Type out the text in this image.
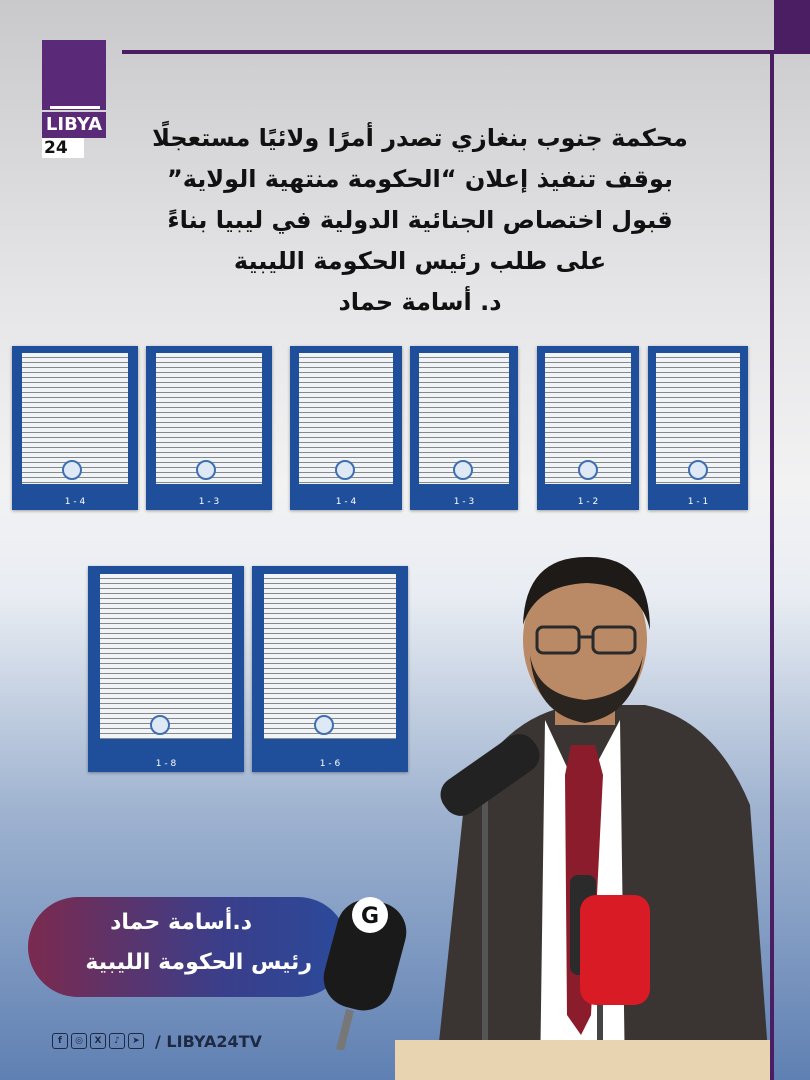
LIBYA
24	محكمة جنوب بنغازي تصدر أمرًا ولائيًا مستعجلًا
بوقف تنفيذ إعلان “الحكومة منتهية الولاية”
قبول اختصاص الجنائية الدولية في ليبيا بناءً
على طلب رئيس الحكومة الليبية
د. أسامة حماد
1 - 4	1 - 3	1 - 4	1 - 3	1 - 2	1 - 1
1 - 8	1 - 6
د.أسامة حماد
رئيس الحكومة الليبية
G
f	◎	X	♪	➤ / LIBYA24TV
